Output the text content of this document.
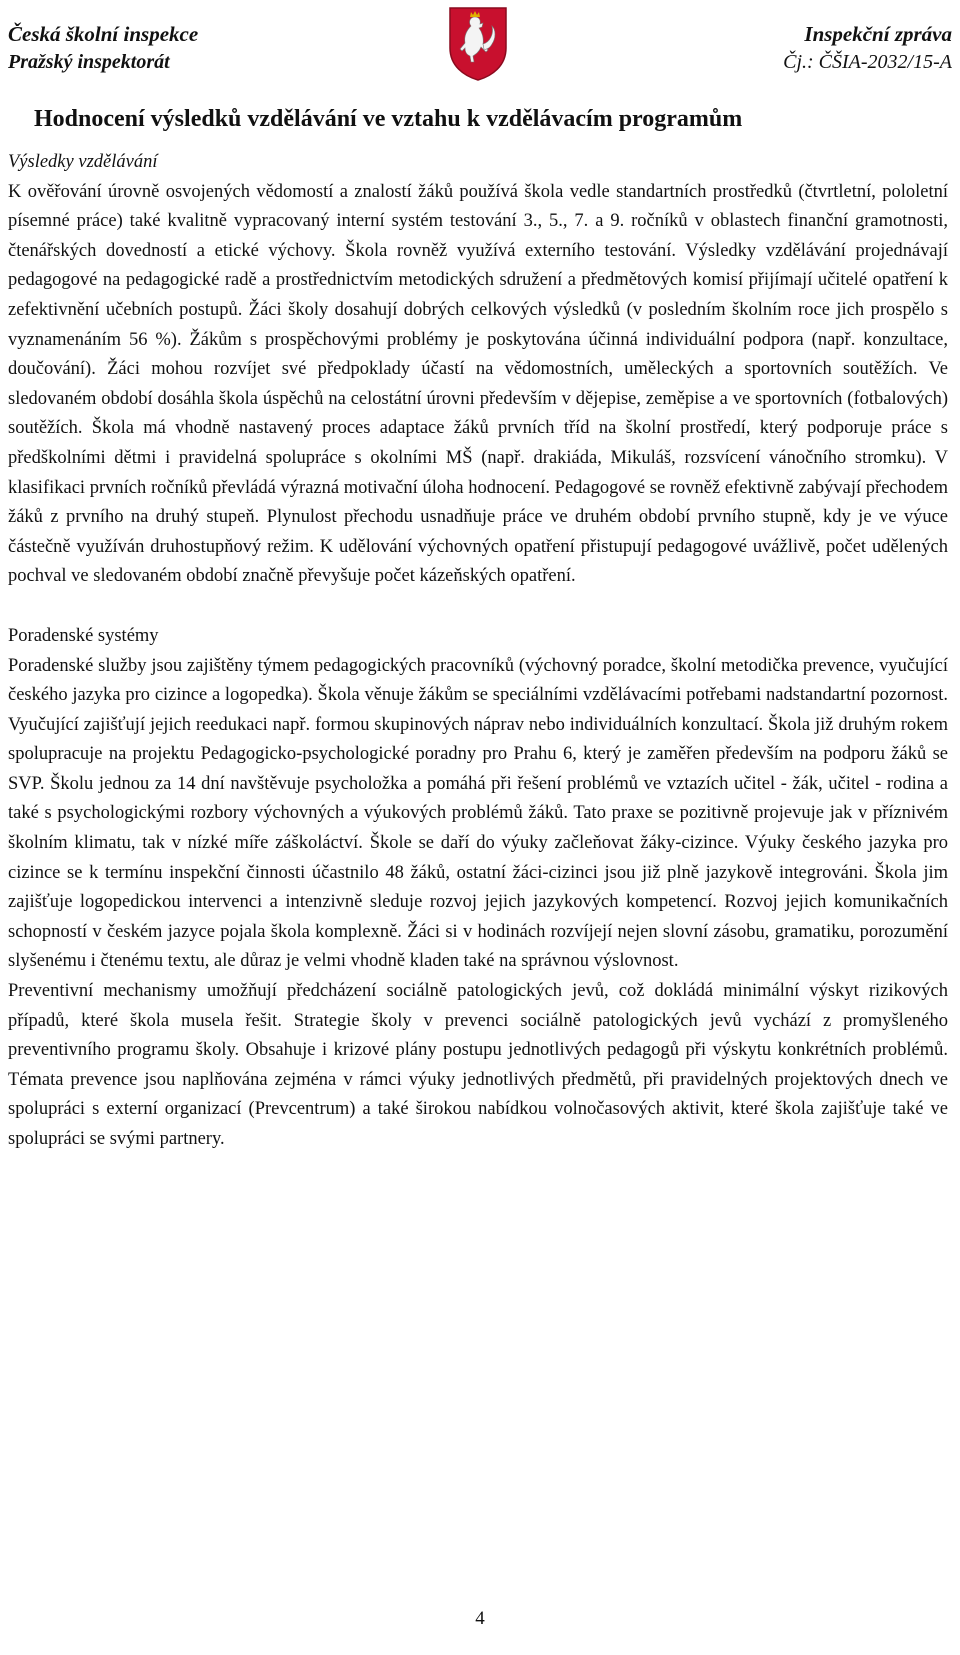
Česká školní inspekce
Pražský inspektorát
Inspekční zpráva
Čj.: ČŠIA-2032/15-A
Hodnocení výsledků vzdělávání ve vztahu k vzdělávacím programům

Výsledky vzdělávání

K ověřování úrovně osvojených vědomostí a znalostí žáků používá škola vedle standartních prostředků (čtvrtletní, pololetní písemné práce) také kvalitně vypracovaný interní systém testování 3., 5., 7. a 9. ročníků v oblastech finanční gramotnosti, čtenářských dovedností a etické výchovy. Škola rovněž využívá externího testování. Výsledky vzdělávání projednávají pedagogové na pedagogické radě a prostřednictvím metodických sdružení a předmětových komisí přijímají učitelé opatření k zefektivnění učebních postupů. Žáci školy dosahují dobrých celkových výsledků (v posledním školním roce jich prospělo s vyznamenáním 56 %). Žákům s prospěchovými problémy je poskytována účinná individuální podpora (např. konzultace, doučování). Žáci mohou rozvíjet své předpoklady účastí na vědomostních, uměleckých a sportovních soutěžích. Ve sledovaném období dosáhla škola úspěchů na celostátní úrovni především v dějepise, zeměpise a ve sportovních (fotbalových) soutěžích. Škola má vhodně nastavený proces adaptace žáků prvních tříd na školní prostředí, který podporuje práce s předškolními dětmi i pravidelná spolupráce s okolními MŠ (např. drakiáda, Mikuláš, rozsvícení vánočního stromku). V klasifikaci prvních ročníků převládá výrazná motivační úloha hodnocení. Pedagogové se rovněž efektivně zabývají přechodem žáků z prvního na druhý stupeň. Plynulost přechodu usnadňuje práce ve druhém období prvního stupně, kdy je ve výuce částečně využíván druhostupňový režim. K udělování výchovných opatření přistupují pedagogové uvážlivě, počet udělených pochval ve sledovaném období značně převyšuje počet kázeňských opatření.

Poradenské systémy

Poradenské služby jsou zajištěny týmem pedagogických pracovníků (výchovný poradce, školní metodička prevence, vyučující českého jazyka pro cizince a logopedka). Škola věnuje žákům se speciálními vzdělávacími potřebami nadstandartní pozornost. Vyučující zajišťují jejich reedukaci např. formou skupinových náprav nebo individuálních konzultací. Škola již druhým rokem spolupracuje na projektu Pedagogicko-psychologické poradny pro Prahu 6, který je zaměřen především na podporu žáků se SVP. Školu jednou za 14 dní navštěvuje psycholožka a pomáhá při řešení problémů ve vztazích učitel - žák, učitel - rodina a také s psychologickými rozbory výchovných a výukových problémů žáků. Tato praxe se pozitivně projevuje jak v příznivém školním klimatu, tak v nízké míře záškoláctví. Škole se daří do výuky začleňovat žáky-cizince. Výuky českého jazyka pro cizince se k termínu inspekční činnosti účastnilo 48 žáků, ostatní žáci-cizinci jsou již plně jazykově integrováni. Škola jim zajišťuje logopedickou intervenci a intenzivně sleduje rozvoj jejich jazykových kompetencí. Rozvoj jejich komunikačních schopností v českém jazyce pojala škola komplexně. Žáci si v hodinách rozvíjejí nejen slovní zásobu, gramatiku, porozumění slyšenému i čtenému textu, ale důraz je velmi vhodně kladen také na správnou výslovnost.

Preventivní mechanismy umožňují předcházení sociálně patologických jevů, což dokládá minimální výskyt rizikových případů, které škola musela řešit. Strategie školy v prevenci sociálně patologických jevů vychází z promyšleného preventivního programu školy. Obsahuje i krizové plány postupu jednotlivých pedagogů při výskytu konkrétních problémů. Témata prevence jsou naplňována zejména v rámci výuky jednotlivých předmětů, při pravidelných projektových dnech ve spolupráci s externí organizací (Prevcentrum) a také širokou nabídkou volnočasových aktivit, které škola zajišťuje také ve spolupráci se svými partnery.

4
